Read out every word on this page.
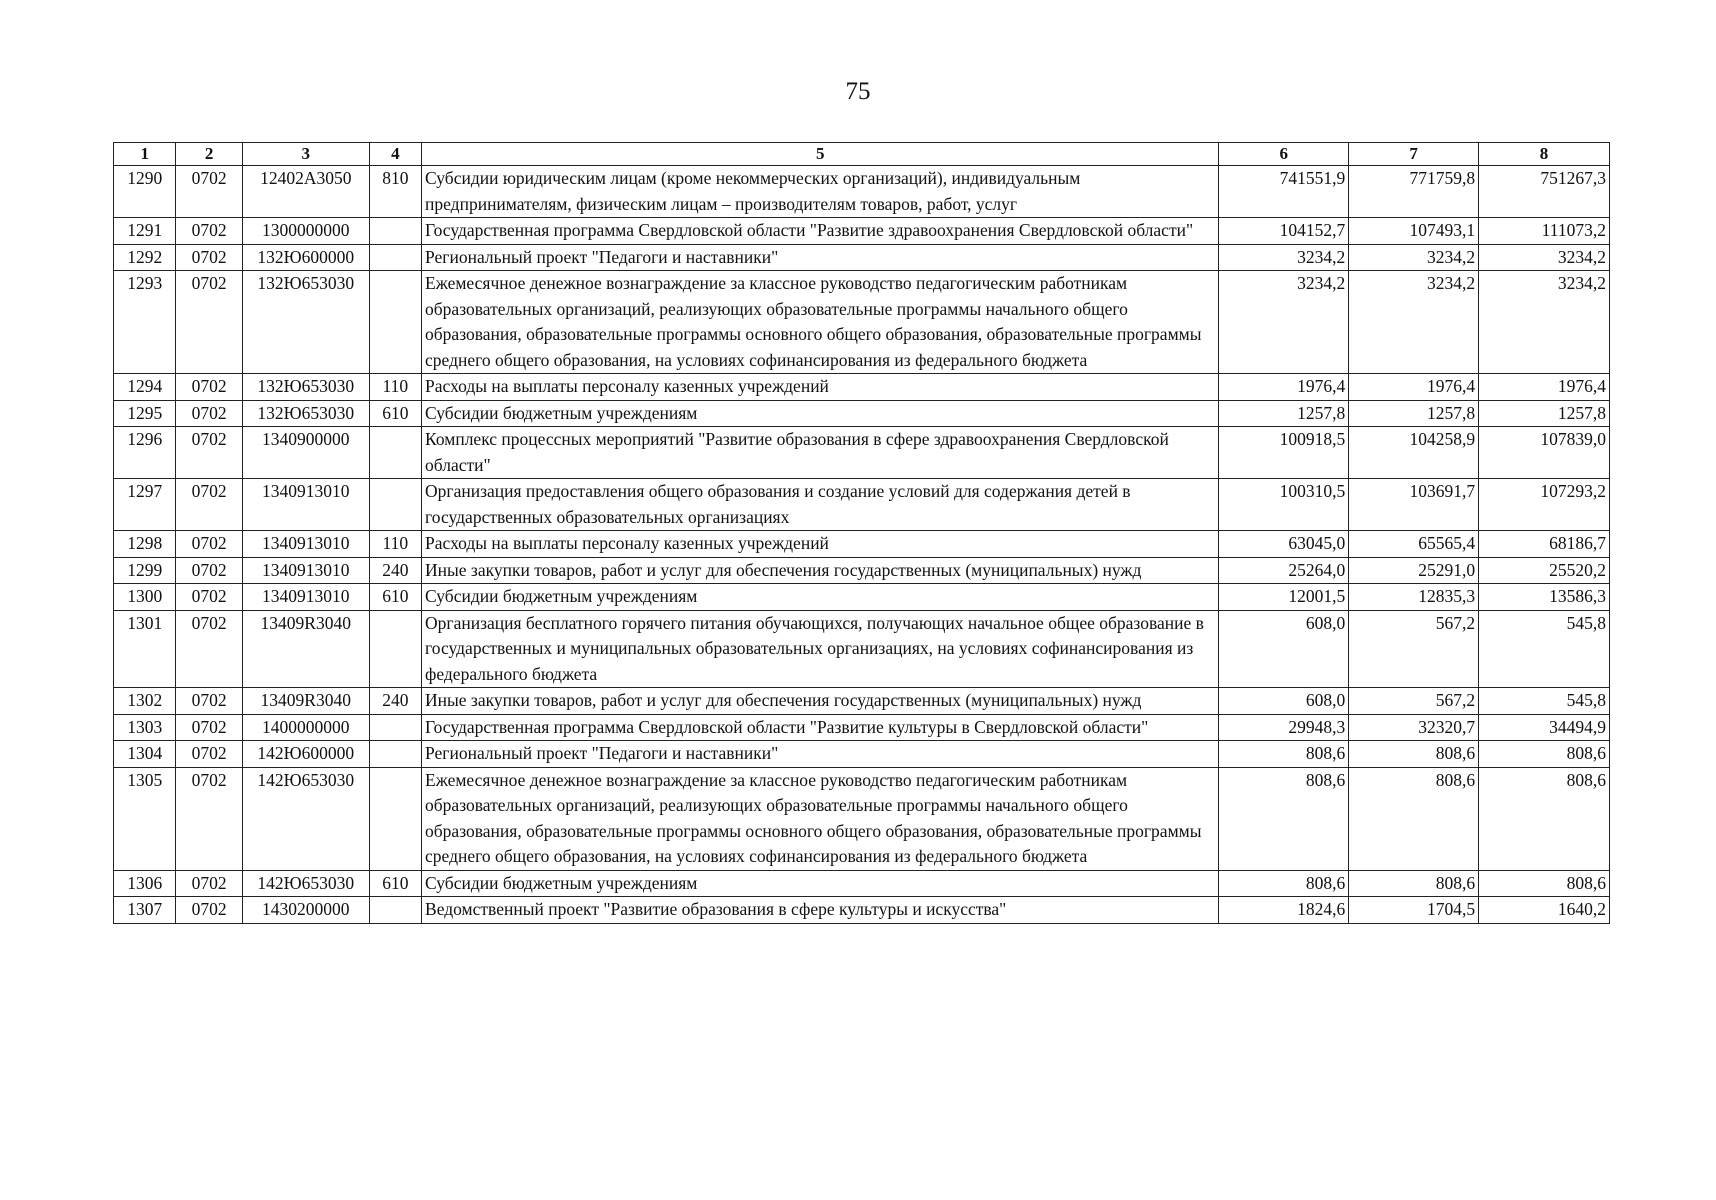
75
1	2	3	4	5	6	7	8
1290	0702	12402А3050	810	Субсидии юридическим лицам (кроме некоммерческих организаций), индивидуальным предпринимателям, физическим лицам – производителям товаров, работ, услуг	741551,9	771759,8	751267,3
1291	0702	1300000000		Государственная программа Свердловской области "Развитие здравоохранения Свердловской области"	104152,7	107493,1	111073,2
1292	0702	132Ю600000		Региональный проект "Педагоги и наставники"	3234,2	3234,2	3234,2
1293	0702	132Ю653030		Ежемесячное денежное вознаграждение за классное руководство педагогическим работникам образовательных организаций, реализующих образовательные программы начального общего образования, образовательные программы основного общего образования, образовательные программы среднего общего образования, на условиях софинансирования из федерального бюджета	3234,2	3234,2	3234,2
1294	0702	132Ю653030	110	Расходы на выплаты персоналу казенных учреждений	1976,4	1976,4	1976,4
1295	0702	132Ю653030	610	Субсидии бюджетным учреждениям	1257,8	1257,8	1257,8
1296	0702	1340900000		Комплекс процессных мероприятий "Развитие образования в сфере здравоохранения Свердловской области"	100918,5	104258,9	107839,0
1297	0702	1340913010		Организация предоставления общего образования и создание условий для содержания детей в государственных образовательных организациях	100310,5	103691,7	107293,2
1298	0702	1340913010	110	Расходы на выплаты персоналу казенных учреждений	63045,0	65565,4	68186,7
1299	0702	1340913010	240	Иные закупки товаров, работ и услуг для обеспечения государственных (муниципальных) нужд	25264,0	25291,0	25520,2
1300	0702	1340913010	610	Субсидии бюджетным учреждениям	12001,5	12835,3	13586,3
1301	0702	13409R3040		Организация бесплатного горячего питания обучающихся, получающих начальное общее образование в государственных и муниципальных образовательных организациях, на условиях софинансирования из федерального бюджета	608,0	567,2	545,8
1302	0702	13409R3040	240	Иные закупки товаров, работ и услуг для обеспечения государственных (муниципальных) нужд	608,0	567,2	545,8
1303	0702	1400000000		Государственная программа Свердловской области "Развитие культуры в Свердловской области"	29948,3	32320,7	34494,9
1304	0702	142Ю600000		Региональный проект "Педагоги и наставники"	808,6	808,6	808,6
1305	0702	142Ю653030		Ежемесячное денежное вознаграждение за классное руководство педагогическим работникам образовательных организаций, реализующих образовательные программы начального общего образования, образовательные программы основного общего образования, образовательные программы среднего общего образования, на условиях софинансирования из федерального бюджета	808,6	808,6	808,6
1306	0702	142Ю653030	610	Субсидии бюджетным учреждениям	808,6	808,6	808,6
1307	0702	1430200000		Ведомственный проект "Развитие образования в сфере культуры и искусства"	1824,6	1704,5	1640,2
